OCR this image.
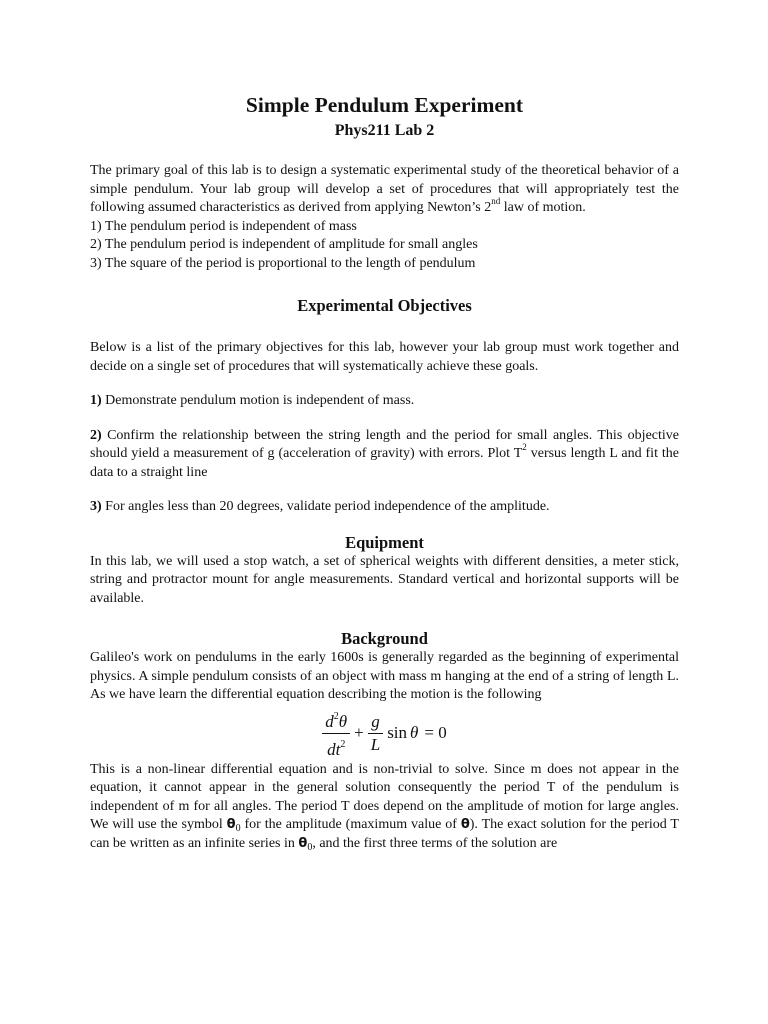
Simple Pendulum Experiment
Phys211 Lab 2

The primary goal of this lab is to design a systematic experimental study of the theoretical behavior of a simple pendulum. Your lab group will develop a set of procedures that will appropriately test the following assumed characteristics as derived from applying Newton’s 2nd law of motion.

1) The pendulum period is independent of mass
2) The pendulum period is independent of amplitude for small angles
3) The square of the period is proportional to the length of pendulum
Experimental Objectives

Below is a list of the primary objectives for this lab, however your lab group must work together and decide on a single set of procedures that will systematically achieve these goals.

1) Demonstrate pendulum motion is independent of mass.

2) Confirm the relationship between the string length and the period for small angles. This objective should yield a measurement of g (acceleration of gravity) with errors. Plot $T^2$ versus length L and fit the data to a straight line

3) For angles less than 20 degrees, validate period independence of the amplitude.

Equipment

In this lab, we will used a stop watch, a set of spherical weights with different densities, a meter stick, string and protractor mount for angle measurements. Standard vertical and horizontal supports will be available.

Background

Galileo's work on pendulums in the early 1600s is generally regarded as the beginning of experimental physics. A simple pendulum consists of an object with mass m hanging at the end of a string of length L. As we have learn the differential equation describing the motion is the following

$\frac{d^2\theta}{dt^2} + \frac{g}{L}$ sin θ = 0

This is a non-linear differential equation and is non-trivial to solve. Since m does not appear in the equation, it cannot appear in the general solution consequently the period T of the pendulum is independent of m for all angles. The period T does depend on the amplitude of motion for large angles. We will use the symbol $\theta_0$ for the amplitude (maximum value of θ). The exact solution for the period T can be written as an infinite series in $\theta_0$, and the first three terms of the solution are
